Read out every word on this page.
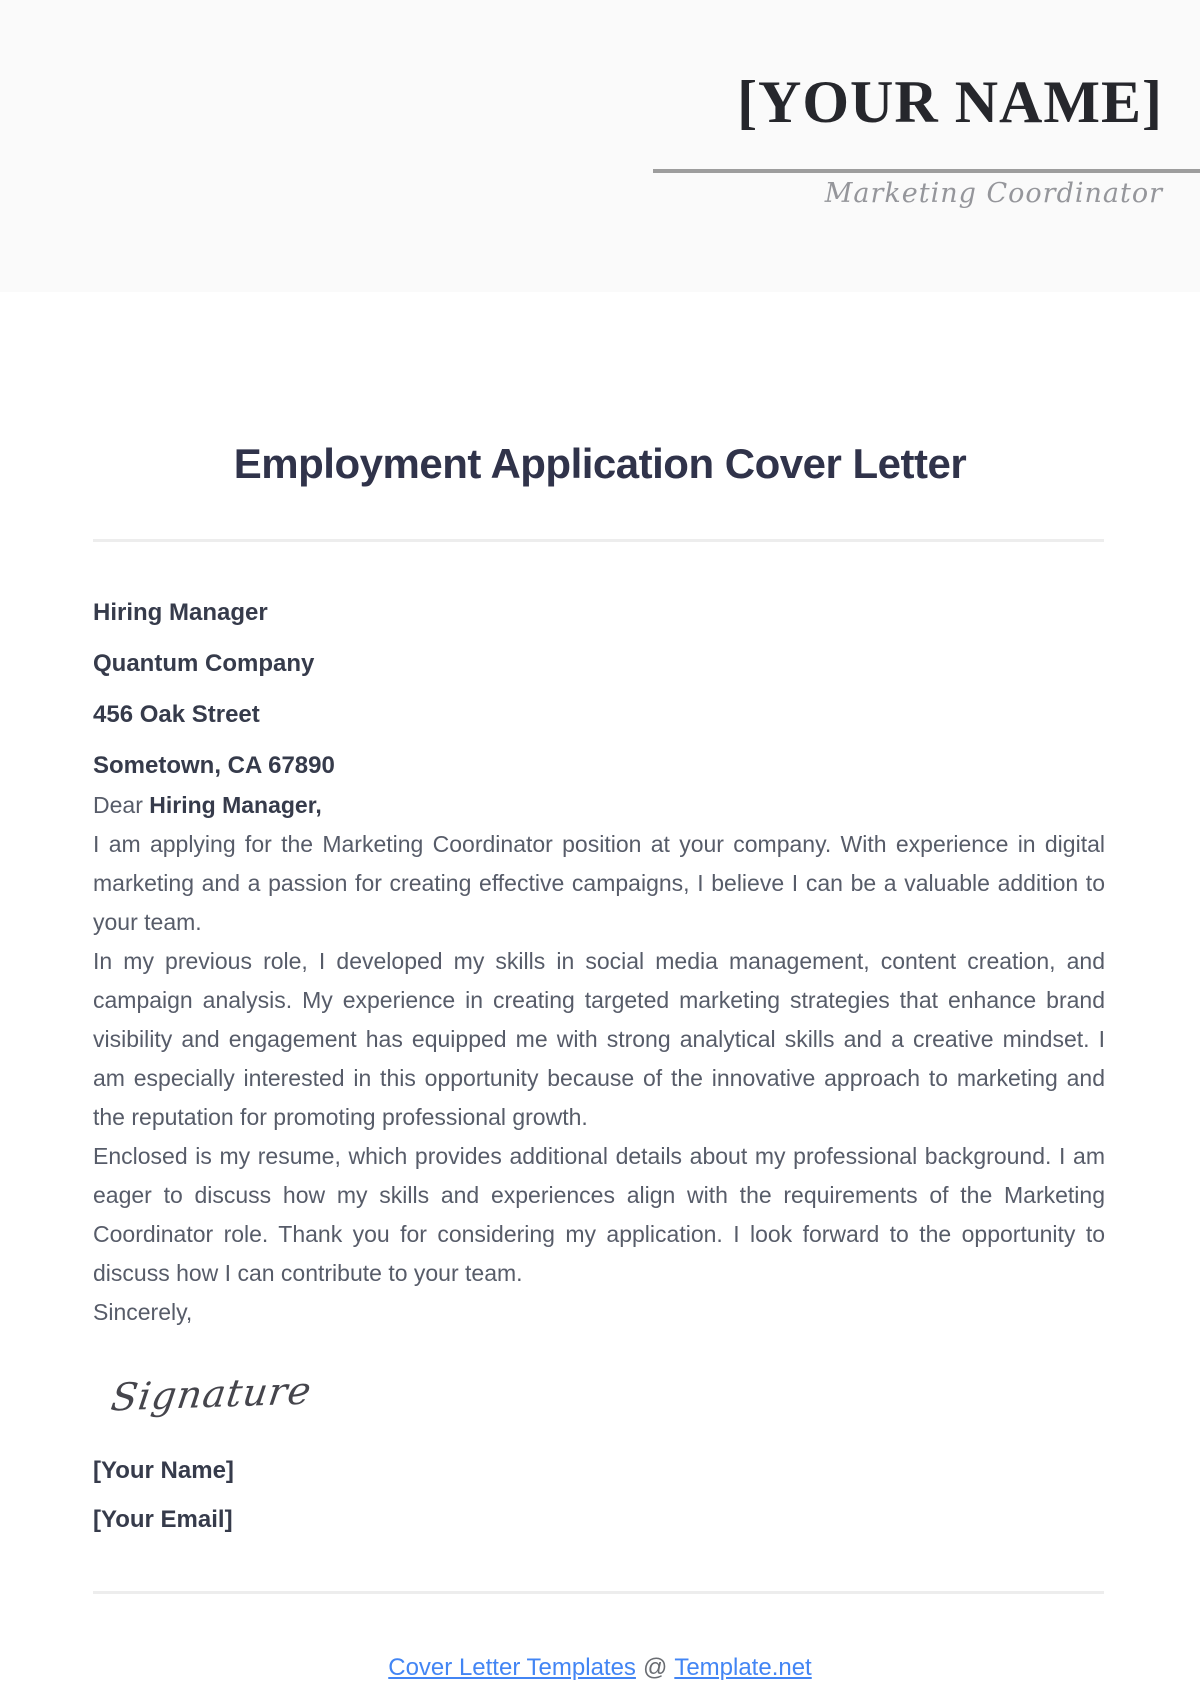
[YOUR NAME]
Marketing Coordinator
Employment Application Cover Letter
Hiring Manager
Quantum Company
456 Oak Street
Sometown, CA 67890

Dear Hiring Manager,

I am applying for the Marketing Coordinator position at your company. With experience in digital marketing and a passion for creating effective campaigns, I believe I can be a valuable addition to your team.

In my previous role, I developed my skills in social media management, content creation, and campaign analysis. My experience in creating targeted marketing strategies that enhance brand visibility and engagement has equipped me with strong analytical skills and a creative mindset. I am especially interested in this opportunity because of the innovative approach to marketing and the reputation for promoting professional growth.

Enclosed is my resume, which provides additional details about my professional background. I am eager to discuss how my skills and experiences align with the requirements of the Marketing Coordinator role. Thank you for considering my application. I look forward to the opportunity to discuss how I can contribute to your team.

Sincerely,

Signature
[Your Name]
[Your Email]
Cover Letter Templates @ Template.net
